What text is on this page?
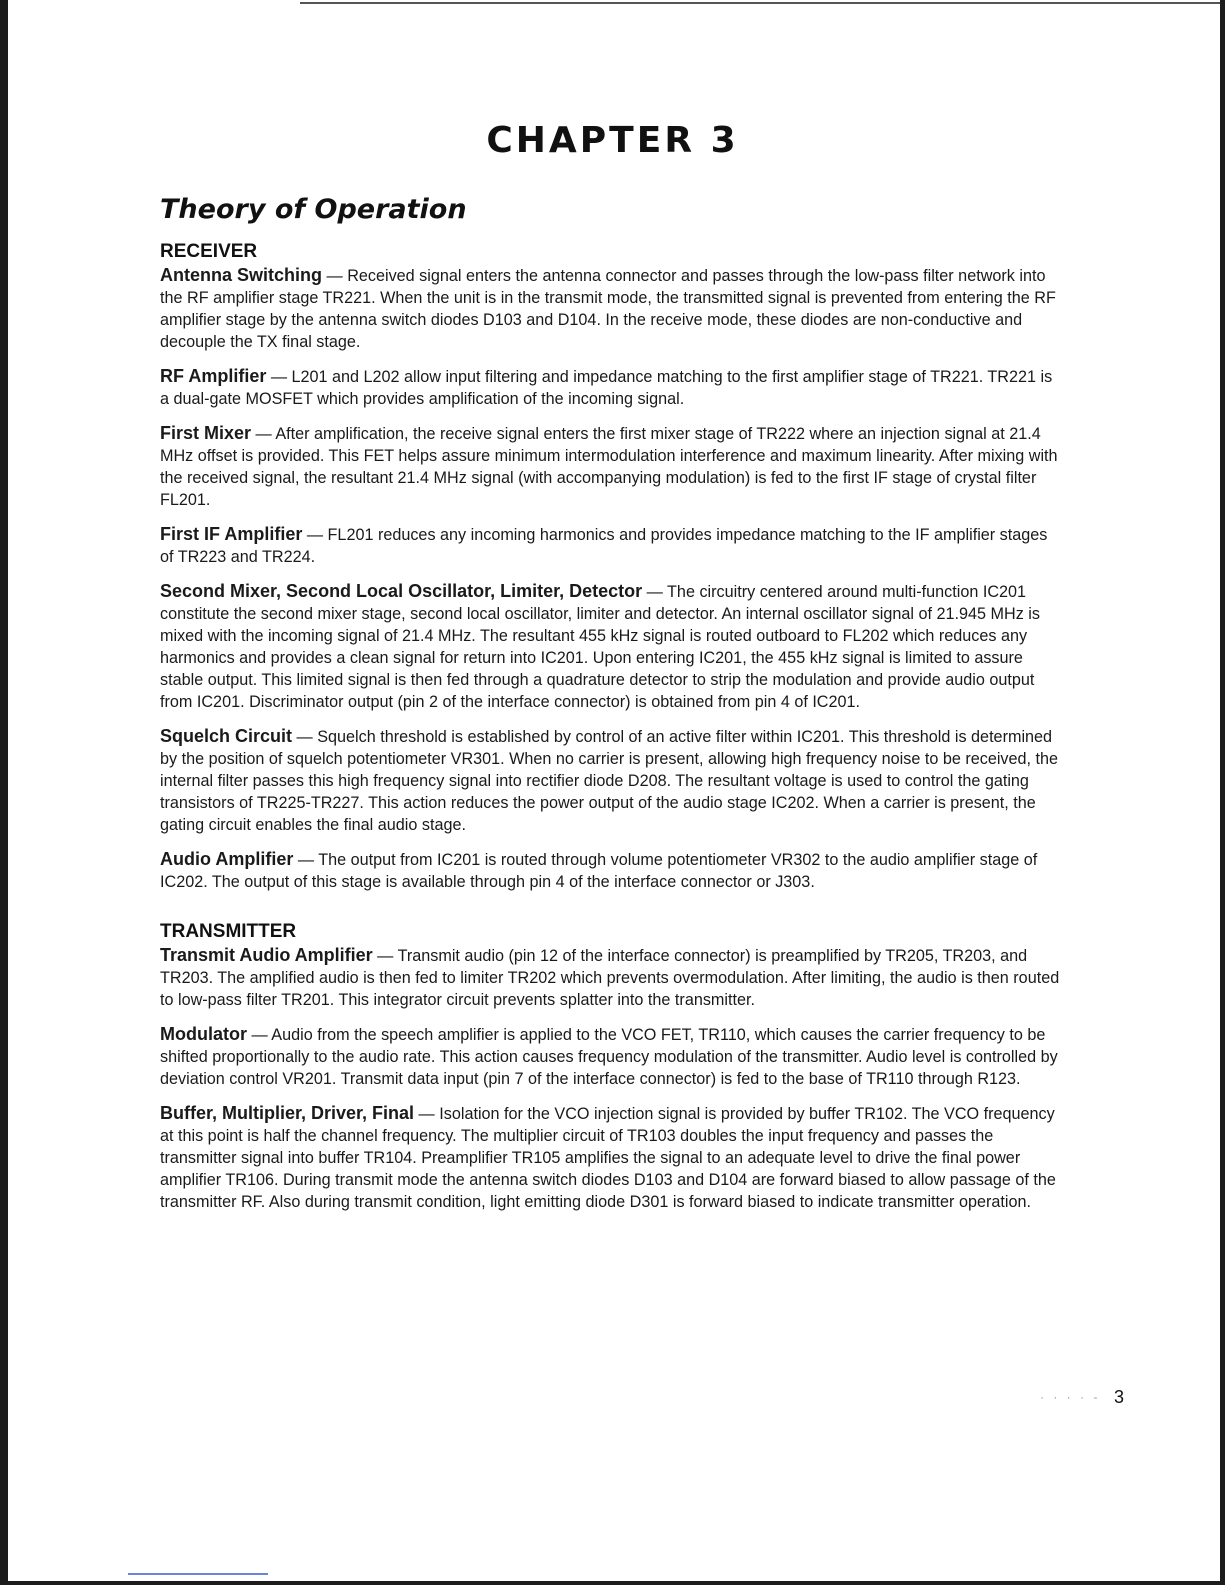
CHAPTER 3
Theory of Operation
RECEIVER

Antenna Switching — Received signal enters the antenna connector and passes through the low-pass filter network into the RF amplifier stage TR221. When the unit is in the transmit mode, the transmitted signal is prevented from entering the RF amplifier stage by the antenna switch diodes D103 and D104. In the receive mode, these diodes are non-conductive and decouple the TX final stage.

RF Amplifier — L201 and L202 allow input filtering and impedance matching to the first amplifier stage of TR221. TR221 is a dual-gate MOSFET which provides amplification of the incoming signal.

First Mixer — After amplification, the receive signal enters the first mixer stage of TR222 where an injection signal at 21.4 MHz offset is provided. This FET helps assure minimum intermodulation interference and maximum linearity. After mixing with the received signal, the resultant 21.4 MHz signal (with accompanying modulation) is fed to the first IF stage of crystal filter FL201.

First IF Amplifier — FL201 reduces any incoming harmonics and provides impedance matching to the IF amplifier stages of TR223 and TR224.

Second Mixer, Second Local Oscillator, Limiter, Detector — The circuitry centered around multi-function IC201 constitute the second mixer stage, second local oscillator, limiter and detector. An internal oscillator signal of 21.945 MHz is mixed with the incoming signal of 21.4 MHz. The resultant 455 kHz signal is routed outboard to FL202 which reduces any harmonics and provides a clean signal for return into IC201. Upon entering IC201, the 455 kHz signal is limited to assure stable output. This limited signal is then fed through a quadrature detector to strip the modulation and provide audio output from IC201. Discriminator output (pin 2 of the interface connector) is obtained from pin 4 of IC201.

Squelch Circuit — Squelch threshold is established by control of an active filter within IC201. This threshold is determined by the position of squelch potentiometer VR301. When no carrier is present, allowing high frequency noise to be received, the internal filter passes this high frequency signal into rectifier diode D208. The resultant voltage is used to control the gating transistors of TR225-TR227. This action reduces the power output of the audio stage IC202. When a carrier is present, the gating circuit enables the final audio stage.

Audio Amplifier — The output from IC201 is routed through volume potentiometer VR302 to the audio amplifier stage of IC202. The output of this stage is available through pin 4 of the interface connector or J303.

TRANSMITTER

Transmit Audio Amplifier — Transmit audio (pin 12 of the interface connector) is preamplified by TR205, TR203, and TR203. The amplified audio is then fed to limiter TR202 which prevents overmodulation. After limiting, the audio is then routed to low-pass filter TR201. This integrator circuit prevents splatter into the transmitter.

Modulator — Audio from the speech amplifier is applied to the VCO FET, TR110, which causes the carrier frequency to be shifted proportionally to the audio rate. This action causes frequency modulation of the transmitter. Audio level is controlled by deviation control VR201. Transmit data input (pin 7 of the interface connector) is fed to the base of TR110 through R123.

Buffer, Multiplier, Driver, Final — Isolation for the VCO injection signal is provided by buffer TR102. The VCO frequency at this point is half the channel frequency. The multiplier circuit of TR103 doubles the input frequency and passes the transmitter signal into buffer TR104. Preamplifier TR105 amplifies the signal to an adequate level to drive the final power amplifier TR106. During transmit mode the antenna switch diodes D103 and D104 are forward biased to allow passage of the transmitter RF. Also during transmit condition, light emitting diode D301 is forward biased to indicate transmitter operation.

· · · · - 3
